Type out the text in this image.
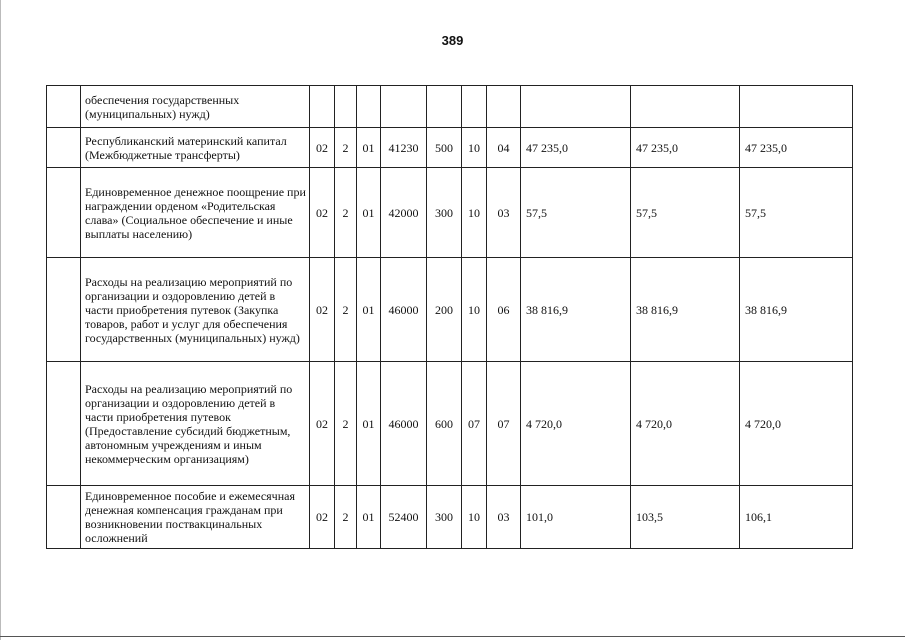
389
	обеспечения государственных (муниципальных) нужд)										
	Республиканский материнский капитал (Межбюджетные трансферты)	02	2	01	41230	500	10	04	47 235,0	47 235,0	47 235,0
	Единовременное денежное поощрение при награждении орденом «Родительская слава» (Социальное обеспечение и иные выплаты населению)	02	2	01	42000	300	10	03	57,5	57,5	57,5
	Расходы на реализацию мероприятий по организации и оздоровлению детей в части приобретения путевок (Закупка товаров, работ и услуг для обеспечения государственных (муниципальных) нужд)	02	2	01	46000	200	10	06	38 816,9	38 816,9	38 816,9
	Расходы на реализацию мероприятий по организации и оздоровлению детей в части приобретения путевок (Предоставление субсидий бюджетным, автономным учреждениям и иным некоммерческим организациям)	02	2	01	46000	600	07	07	4 720,0	4 720,0	4 720,0
	Единовременное пособие и ежемесячная денежная компенсация гражданам при возникновении поствакцинальных осложнений	02	2	01	52400	300	10	03	101,0	103,5	106,1
